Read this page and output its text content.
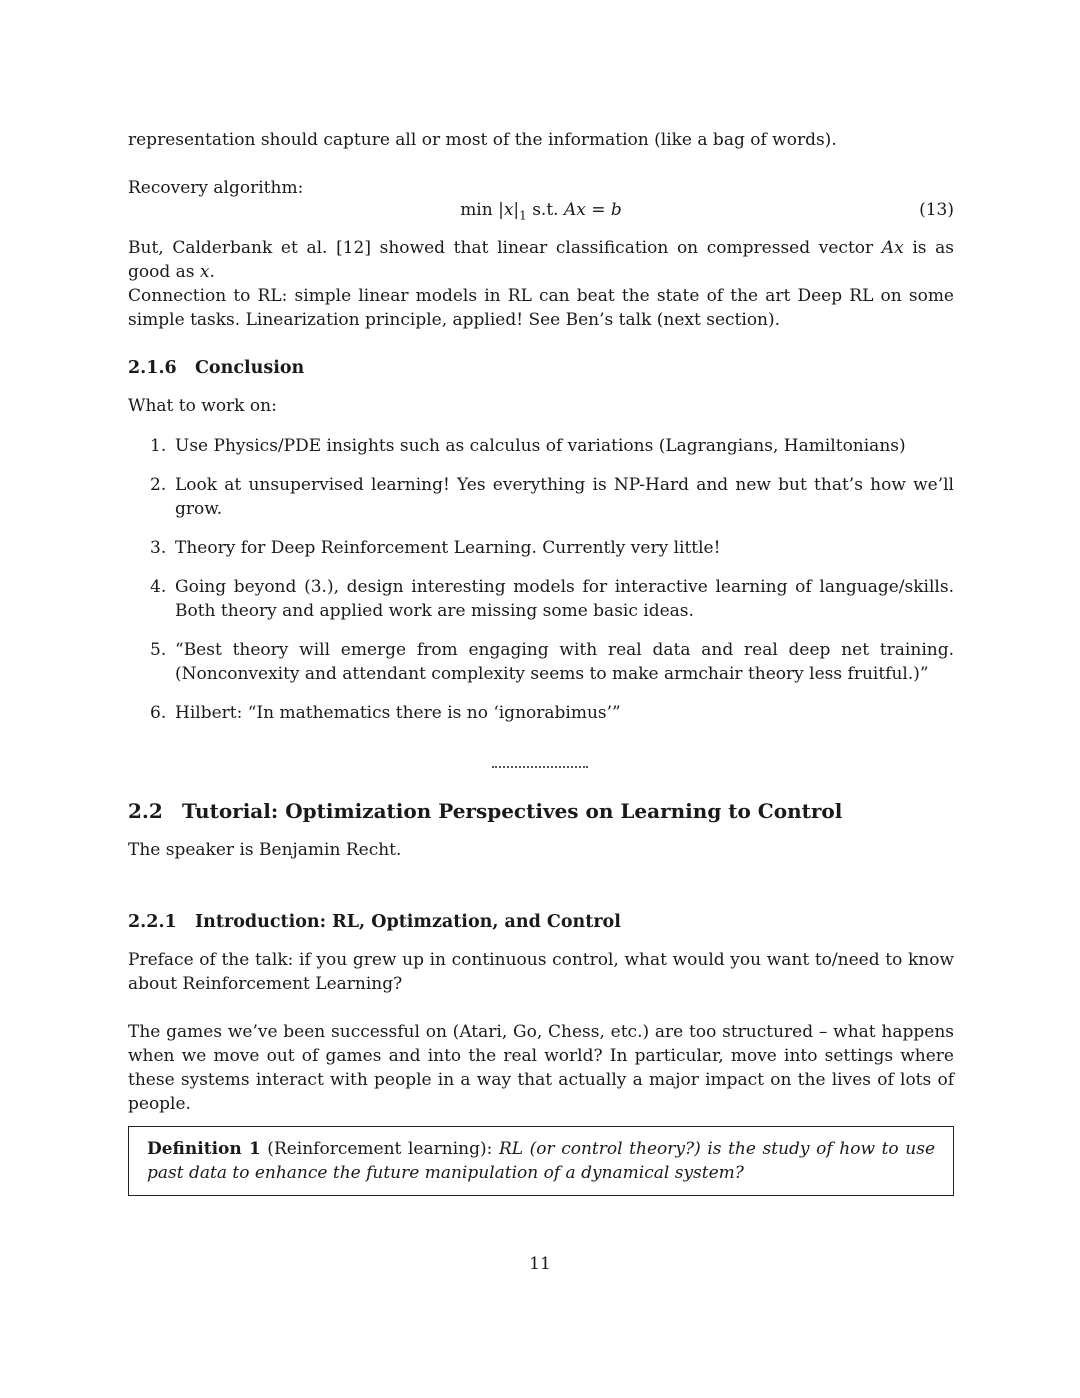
representation should capture all or most of the information (like a bag of words).
Recovery algorithm:
$\min |x|_1$ s.t. Ax = b	(13)
But, Calderbank et al. [12] showed that linear classification on compressed vector Ax is as good as x.
Connection to RL: simple linear models in RL can beat the state of the art Deep RL on some simple tasks. Linearization principle, applied! See Ben’s talk (next section).
2.1.6 Conclusion
What to work on:
1. Use Physics/PDE insights such as calculus of variations (Lagrangians, Hamiltonians)
2. Look at unsupervised learning! Yes everything is NP-Hard and new but that’s how we’ll grow.
3. Theory for Deep Reinforcement Learning. Currently very little!
4. Going beyond (3.), design interesting models for interactive learning of language/skills. Both theory and applied work are missing some basic ideas.
5. “Best theory will emerge from engaging with real data and real deep net training. (Nonconvexity and attendant complexity seems to make armchair theory less fruitful.)”
6. Hilbert: “In mathematics there is no ‘ignorabimus’”
2.2 Tutorial: Optimization Perspectives on Learning to Control
The speaker is Benjamin Recht.
2.2.1 Introduction: RL, Optimzation, and Control
Preface of the talk: if you grew up in continuous control, what would you want to/need to know about Reinforcement Learning?
The games we’ve been successful on (Atari, Go, Chess, etc.) are too structured – what happens when we move out of games and into the real world? In particular, move into settings where these systems interact with people in a way that actually a major impact on the lives of lots of people.
Definition 1 (Reinforcement learning): RL (or control theory?) is the study of how to use past data to enhance the future manipulation of a dynamical system?
11
